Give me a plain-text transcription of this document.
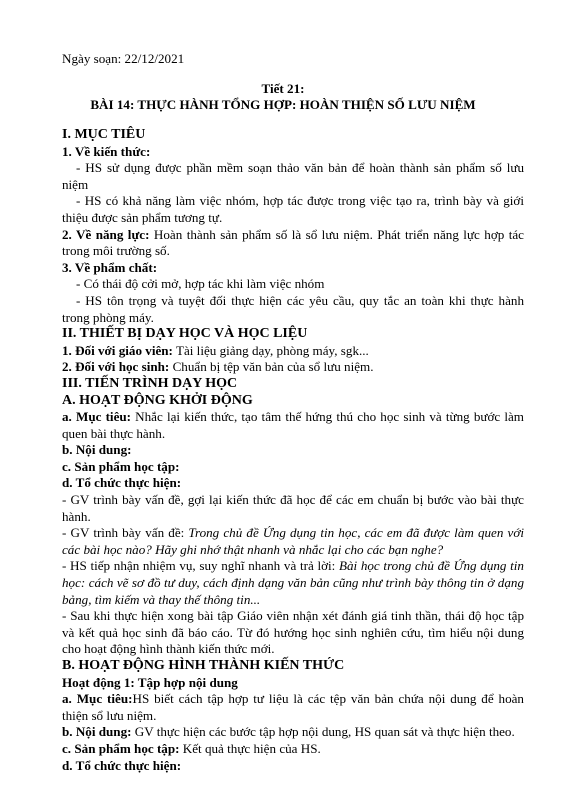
Ngày soạn: 22/12/2021
Tiết 21:
BÀI 14: THỰC HÀNH TỔNG HỢP: HOÀN THIỆN SỐ LƯU NIỆM
I. MỤC TIÊU
1. Về kiến thức:

- HS sử dụng được phần mềm soạn thảo văn bản để hoàn thành sản phẩm số lưu niệm

- HS có khả năng làm việc nhóm, hợp tác được trong việc tạo ra, trình bày và giới thiệu được sản phẩm tương tự.

2. Về năng lực: Hoàn thành sản phẩm số là sổ lưu niệm. Phát triển năng lực hợp tác trong môi trường số.

3. Về phẩm chất:

- Có thái độ cởi mở, hợp tác khi làm việc nhóm

- HS tôn trọng và tuyệt đối thực hiện các yêu cầu, quy tắc an toàn khi thực hành trong phòng máy.

II. THIẾT BỊ DẠY HỌC VÀ HỌC LIỆU

1. Đối với giáo viên: Tài liệu giảng dạy, phòng máy, sgk...

2. Đối với học sinh: Chuẩn bị tệp văn bản của sổ lưu niệm.

III. TIẾN TRÌNH DẠY HỌC
A. HOẠT ĐỘNG KHỞI ĐỘNG

a. Mục tiêu: Nhắc lại kiến thức, tạo tâm thế hứng thú cho học sinh và từng bước làm quen bài thực hành.

b. Nội dung:
c. Sản phẩm học tập:
d. Tổ chức thực hiện:

- GV trình bày vấn đề, gợi lại kiến thức đã học để các em chuẩn bị bước vào bài thực hành.

- GV trình bày vấn đề: Trong chủ đề Ứng dụng tin học, các em đã được làm quen với các bài học nào? Hãy ghi nhớ thật nhanh và nhắc lại cho các bạn nghe?

- HS tiếp nhận nhiệm vụ, suy nghĩ nhanh và trả lời: Bài học trong chủ đề Ứng dụng tin học: cách vẽ sơ đồ tư duy, cách định dạng văn bản cũng như trình bày thông tin ở dạng bảng, tìm kiếm và thay thế thông tin...

- Sau khi thực hiện xong bài tập Giáo viên nhận xét đánh giá tinh thần, thái độ học tập và kết quả học sinh đã báo cáo. Từ đó hướng học sinh nghiên cứu, tìm hiểu nội dung cho hoạt động hình thành kiến thức mới.

B. HOẠT ĐỘNG HÌNH THÀNH KIẾN THỨC
Hoạt động 1: Tập hợp nội dung

a. Mục tiêu:HS biết cách tập hợp tư liệu là các tệp văn bản chứa nội dung để hoàn thiện sổ lưu niệm.

b. Nội dung: GV thực hiện các bước tập hợp nội dung, HS quan sát và thực hiện theo.

c. Sản phẩm học tập: Kết quả thực hiện của HS.

d. Tổ chức thực hiện:
